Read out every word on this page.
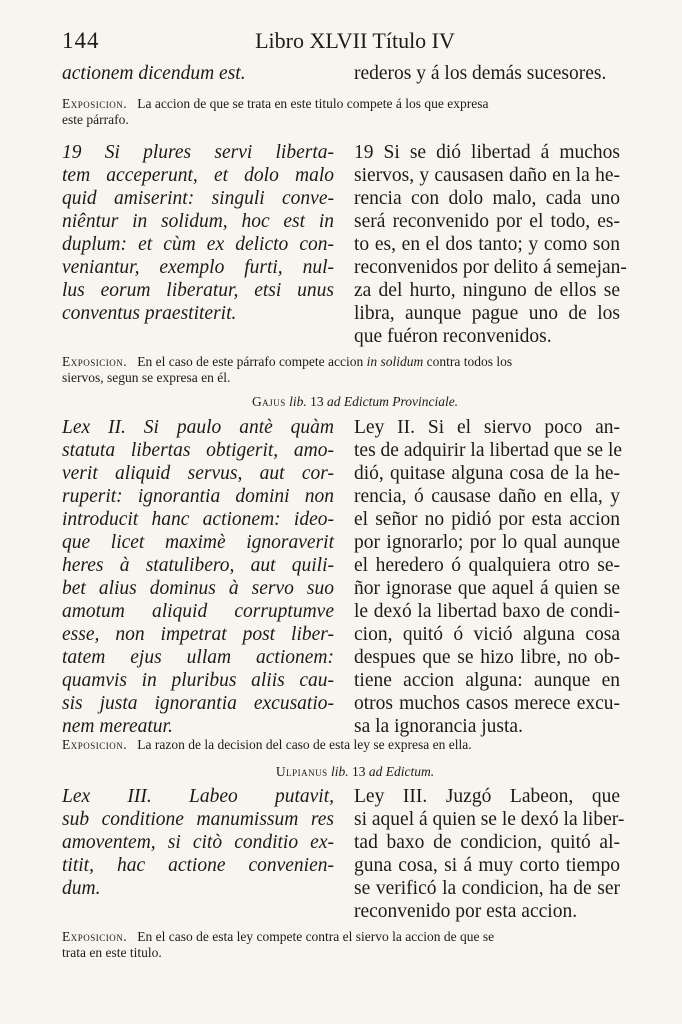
144	Libro XLVII Título IV
actionem dicendum est.	rederos y á los demás sucesores.
Exposicion. La accion de que se trata en este titulo compete á los que expresa
este párrafo.
19 Si plures servi liberta-
tem acceperunt, et dolo malo
quid amiserint: singuli conve-
niêntur in solidum, hoc est in
duplum: et cùm ex delicto con-
veniantur, exemplo furti, nul-
lus eorum liberatur, etsi unus
conventus praestiterit.
19 Si se dió libertad á muchos
siervos, y causasen daño en la he-
rencia con dolo malo, cada uno
será reconvenido por el todo, es-
to es, en el dos tanto; y como son
reconvenidos por delito á semejan-
za del hurto, ninguno de ellos se
libra, aunque pague uno de los
que fuéron reconvenidos.
Exposicion. En el caso de este párrafo compete accion in solidum contra todos los
siervos, segun se expresa en él.
Gajus lib. 13 ad Edictum Provinciale.
Lex II. Si paulo antè quàm
statuta libertas obtigerit, amo-
verit aliquid servus, aut cor-
ruperit: ignorantia domini non
introducit hanc actionem: ideo-
que licet maximè ignoraverit
heres à statulibero, aut quili-
bet alius dominus à servo suo
amotum aliquid corruptumve
esse, non impetrat post liber-
tatem ejus ullam actionem:
quamvis in pluribus aliis cau-
sis justa ignorantia excusatio-
nem mereatur.
Ley II. Si el siervo poco an-
tes de adquirir la libertad que se le
dió, quitase alguna cosa de la he-
rencia, ó causase daño en ella, y
el señor no pidió por esta accion
por ignorarlo; por lo qual aunque
el heredero ó qualquiera otro se-
ñor ignorase que aquel á quien se
le dexó la libertad baxo de condi-
cion, quitó ó vició alguna cosa
despues que se hizo libre, no ob-
tiene accion alguna: aunque en
otros muchos casos merece excu-
sa la ignorancia justa.
Exposicion. La razon de la decision del caso de esta ley se expresa en ella.
Ulpianus lib. 13 ad Edictum.
Lex III. Labeo putavit,
sub conditione manumissum res
amoventem, si citò conditio ex-
titit, hac actione convenien-
dum.
Ley III. Juzgó Labeon, que
si aquel á quien se le dexó la liber-
tad baxo de condicion, quitó al-
guna cosa, si á muy corto tiempo
se verificó la condicion, ha de ser
reconvenido por esta accion.
Exposicion. En el caso de esta ley compete contra el siervo la accion de que se
trata en este titulo.
